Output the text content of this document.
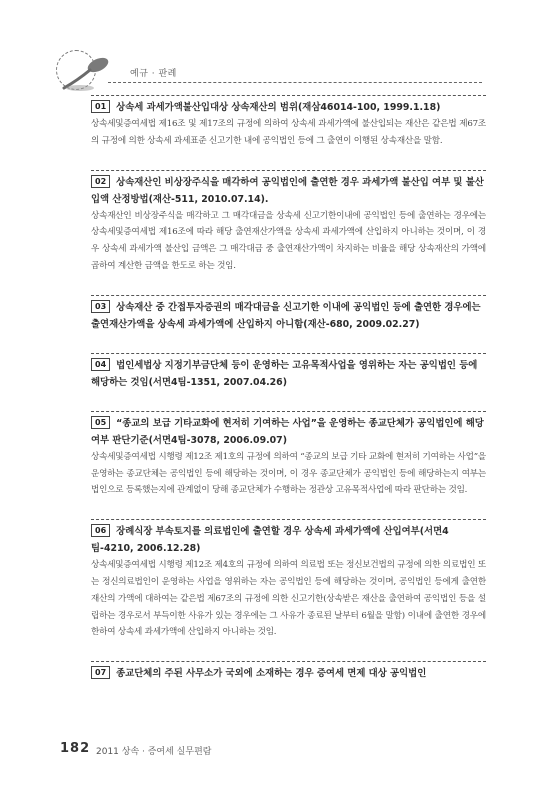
예규 · 판례
01 상속세 과세가액불산입대상 상속재산의 범위(재삼46014-100, 1999.1.18)
상속세및증여세법 제16조 및 제17조의 규정에 의하여 상속세 과세가액에 불산입되는 재산은 같은법 제67조의 규정에 의한 상속세 과세표준 신고기한 내에 공익법인 등에 그 출연이 이행된 상속재산을 말함.
02 상속재산인 비상장주식을 매각하여 공익법인에 출연한 경우 과세가액 불산입 여부 및 불산입액 산정방법(재산-511, 2010.07.14).
상속재산인 비상장주식을 매각하고 그 매각대금을 상속세 신고기한이내에 공익법인 등에 출연하는 경우에는 상속세및증여세법 제16조에 따라 해당 출연재산가액을 상속세 과세가액에 산입하지 아니하는 것이며, 이 경우 상속세 과세가액 불산입 금액은 그 매각대금 중 출연재산가액이 차지하는 비율을 해당 상속재산의 가액에 곱하여 계산한 금액을 한도로 하는 것임.
03 상속재산 중 간접투자증권의 매각대금을 신고기한 이내에 공익법인 등에 출연한 경우에는 출연재산가액을 상속세 과세가액에 산입하지 아니함(재산-680, 2009.02.27)
04 법인세법상 지정기부금단체 등이 운영하는 고유목적사업을 영위하는 자는 공익법인 등에 해당하는 것임(서면4팀-1351, 2007.04.26)
05 “종교의 보급 기타교화에 현저히 기여하는 사업”을 운영하는 종교단체가 공익법인에 해당여부 판단기준(서면4팀-3078, 2006.09.07)
상속세및증여세법 시행령 제12조 제1호의 규정에 의하여 “종교의 보급 기타 교화에 현저히 기여하는 사업”을 운영하는 종교단체는 공익법인 등에 해당하는 것이며, 이 경우 종교단체가 공익법인 등에 해당하는지 여부는 법인으로 등록했는지에 관계없이 당해 종교단체가 수행하는 정관상 고유목적사업에 따라 판단하는 것임.
06 장례식장 부속토지를 의료법인에 출연할 경우 상속세 과세가액에 산입여부(서면4팀-4210, 2006.12.28)
상속세및증여세법 시행령 제12조 제4호의 규정에 의하여 의료법 또는 정신보건법의 규정에 의한 의료법인 또는 정신의료법인이 운영하는 사업을 영위하는 자는 공익법인 등에 해당하는 것이며, 공익법인 등에게 출연한 재산의 가액에 대하여는 같은법 제67조의 규정에 의한 신고기한(상속받은 재산을 출연하여 공익법인 등을 설립하는 경우로서 부득이한 사유가 있는 경우에는 그 사유가 종료된 날부터 6월을 말함) 이내에 출연한 경우에 한하여 상속세 과세가액에 산입하지 아니하는 것임.
07 종교단체의 주된 사무소가 국외에 소재하는 경우 증여세 면제 대상 공익법인
182 2011 상속 · 증여세 실무편람
